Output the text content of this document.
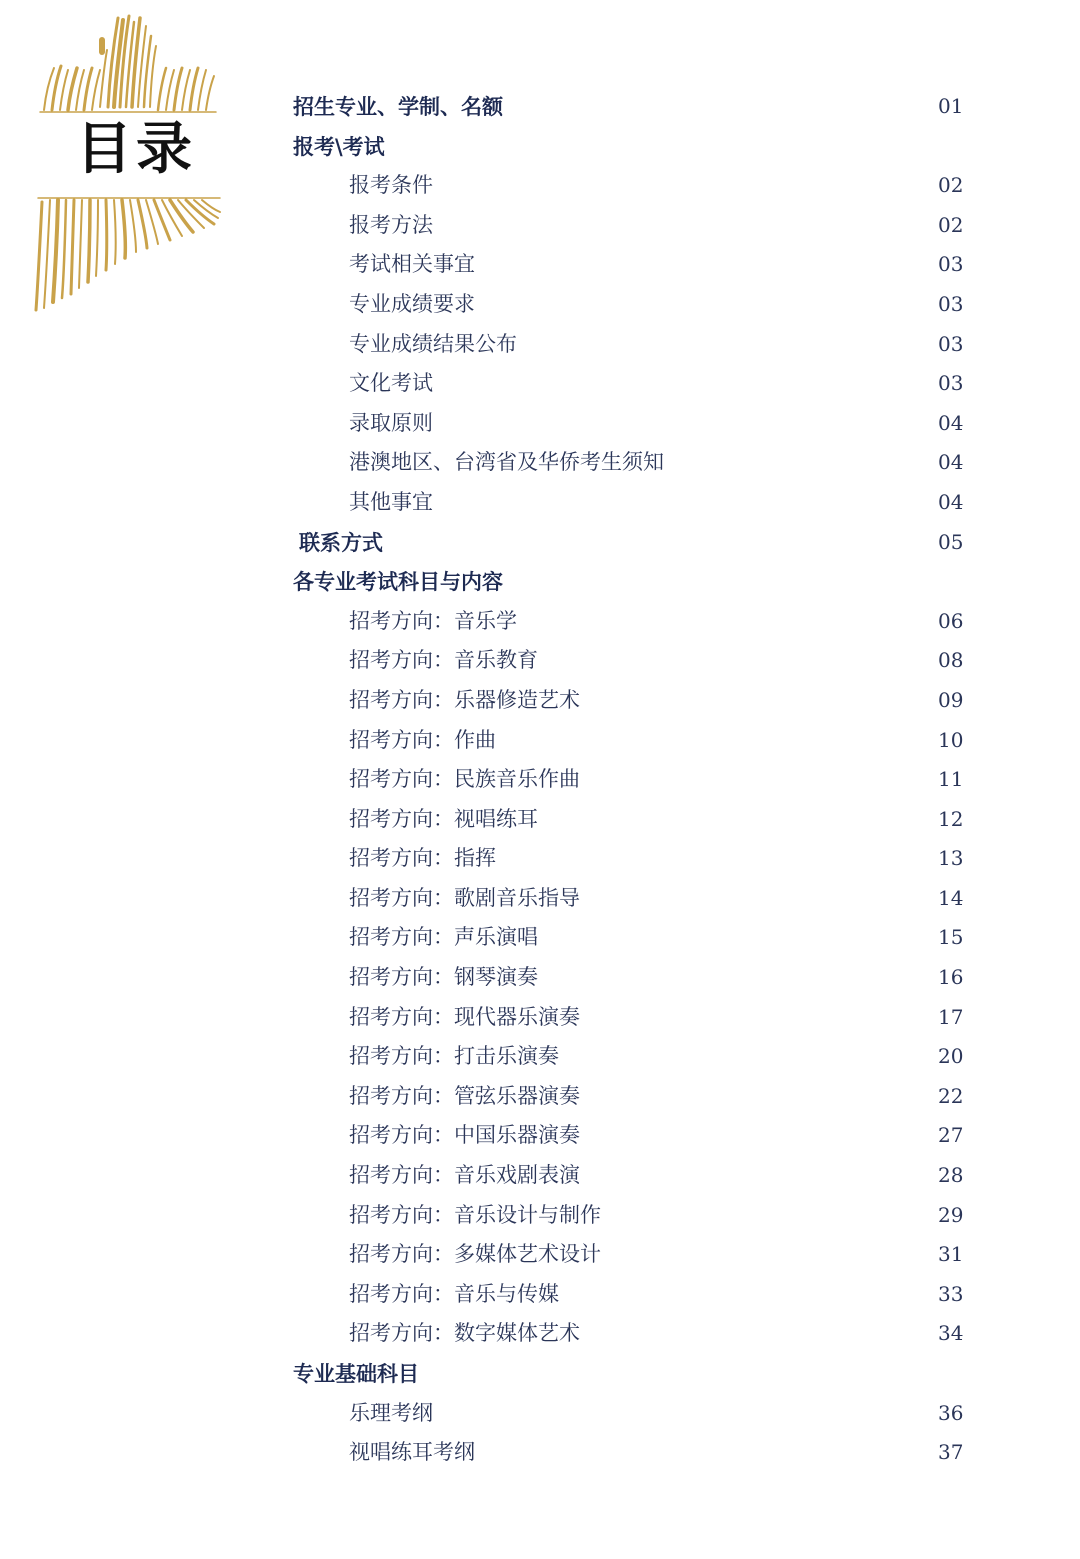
目录
招生专业、学制、名额	01
报考\考试
报考条件	02
报考方法	02
考试相关事宜	03
专业成绩要求	03
专业成绩结果公布	03
文化考试	03
录取原则	04
港澳地区、台湾省及华侨考生须知	04
其他事宜	04
联系方式	05
各专业考试科目与内容
招考方向：音乐学	06
招考方向：音乐教育	08
招考方向：乐器修造艺术	09
招考方向：作曲	10
招考方向：民族音乐作曲	11
招考方向：视唱练耳	12
招考方向：指挥	13
招考方向：歌剧音乐指导	14
招考方向：声乐演唱	15
招考方向：钢琴演奏	16
招考方向：现代器乐演奏	17
招考方向：打击乐演奏	20
招考方向：管弦乐器演奏	22
招考方向：中国乐器演奏	27
招考方向：音乐戏剧表演	28
招考方向：音乐设计与制作	29
招考方向：多媒体艺术设计	31
招考方向：音乐与传媒	33
招考方向：数字媒体艺术	34
专业基础科目
乐理考纲	36
视唱练耳考纲	37
